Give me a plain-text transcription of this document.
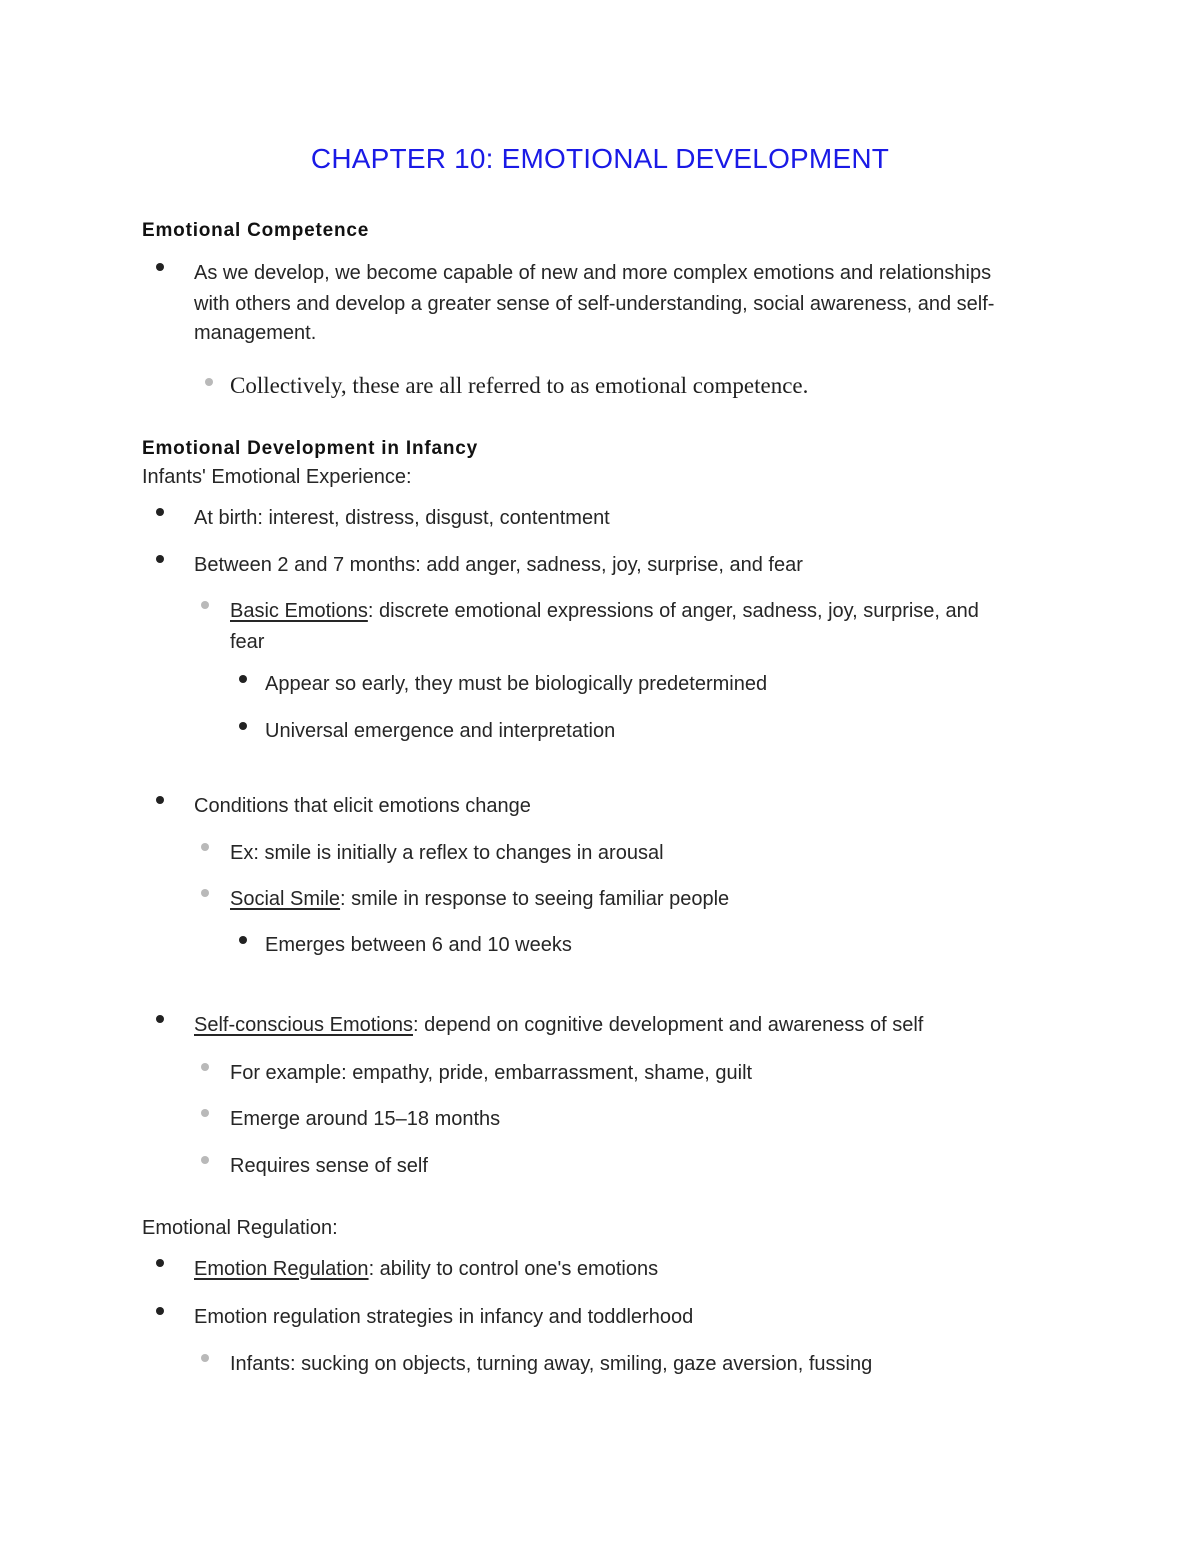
CHAPTER 10: EMOTIONAL DEVELOPMENT
Emotional Competence
As we develop, we become capable of new and more complex emotions and relationships
with others and develop a greater sense of self-understanding, social awareness, and self-
management.
Collectively, these are all referred to as emotional competence.
Emotional Development in Infancy
Infants' Emotional Experience:
At birth: interest, distress, disgust, contentment
Between 2 and 7 months: add anger, sadness, joy, surprise, and fear
Basic Emotions: discrete emotional expressions of anger, sadness, joy, surprise, and
fear
Appear so early, they must be biologically predetermined
Universal emergence and interpretation
Conditions that elicit emotions change
Ex: smile is initially a reflex to changes in arousal
Social Smile: smile in response to seeing familiar people
Emerges between 6 and 10 weeks
Self-conscious Emotions: depend on cognitive development and awareness of self
For example: empathy, pride, embarrassment, shame, guilt
Emerge around 15–18 months
Requires sense of self
Emotional Regulation:
Emotion Regulation: ability to control one's emotions
Emotion regulation strategies in infancy and toddlerhood
Infants: sucking on objects, turning away, smiling, gaze aversion, fussing
